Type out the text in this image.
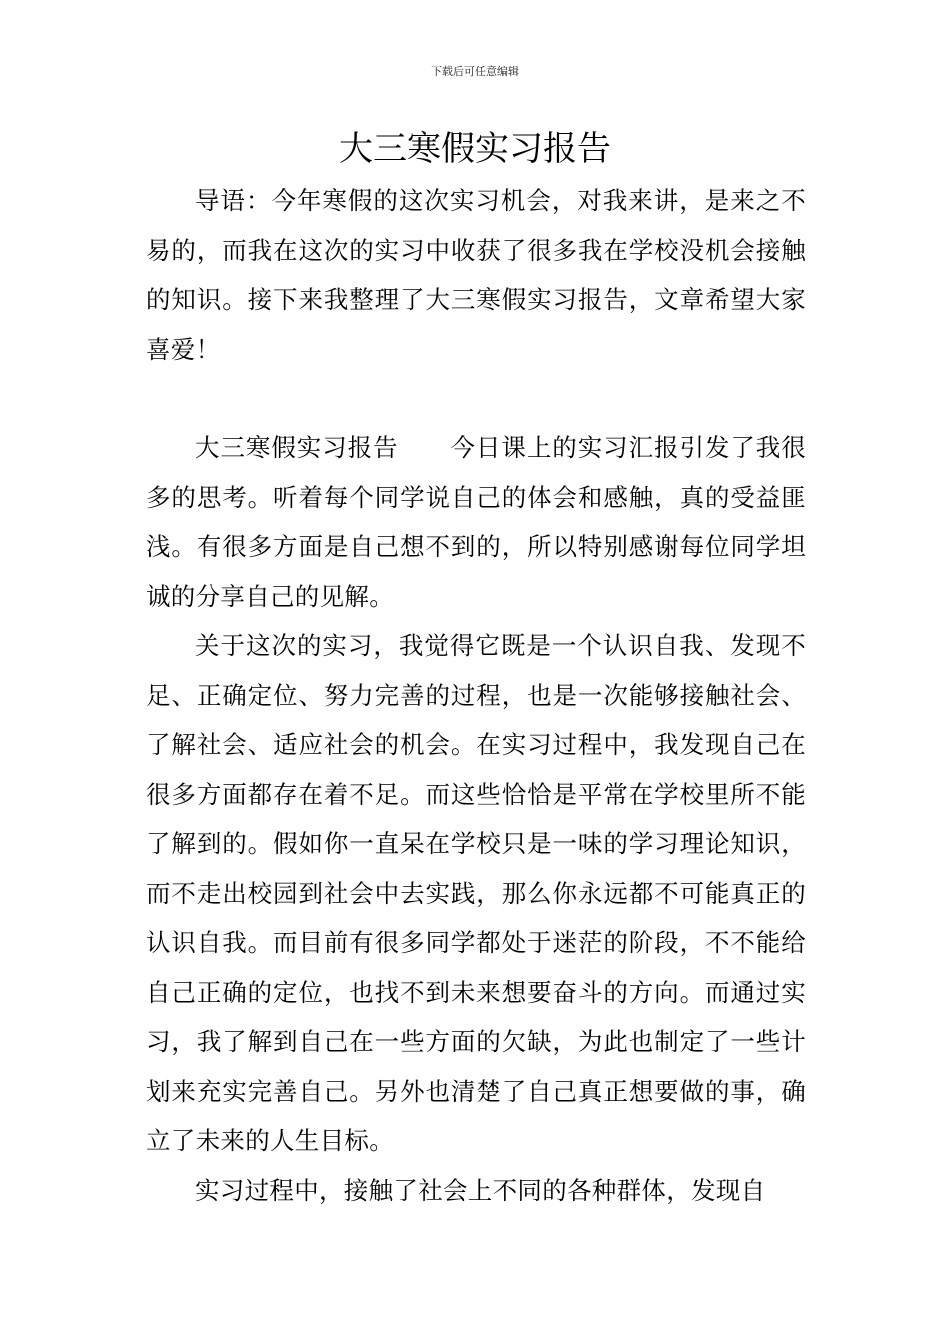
下载后可任意编辑
大三寒假实习报告

导语：今年寒假的这次实习机会，对我来讲，是来之不易的，而我在这次的实习中收获了很多我在学校没机会接触的知识。接下来我整理了大三寒假实习报告，文章希望大家喜爱！

大三寒假实习报告 今日课上的实习汇报引发了我很多的思考。听着每个同学说自己的体会和感触，真的受益匪浅。有很多方面是自己想不到的，所以特别感谢每位同学坦诚的分享自己的见解。

关于这次的实习，我觉得它既是一个认识自我、发现不足、正确定位、努力完善的过程，也是一次能够接触社会、了解社会、适应社会的机会。在实习过程中，我发现自己在很多方面都存在着不足。而这些恰恰是平常在学校里所不能了解到的。假如你一直呆在学校只是一味的学习理论知识，而不走出校园到社会中去实践，那么你永远都不可能真正的认识自我。而目前有很多同学都处于迷茫的阶段，不不能给自己正确的定位，也找不到未来想要奋斗的方向。而通过实习，我了解到自己在一些方面的欠缺，为此也制定了一些计划来充实完善自己。另外也清楚了自己真正想要做的事，确立了未来的人生目标。

实习过程中，接触了社会上不同的各种群体，发现自
